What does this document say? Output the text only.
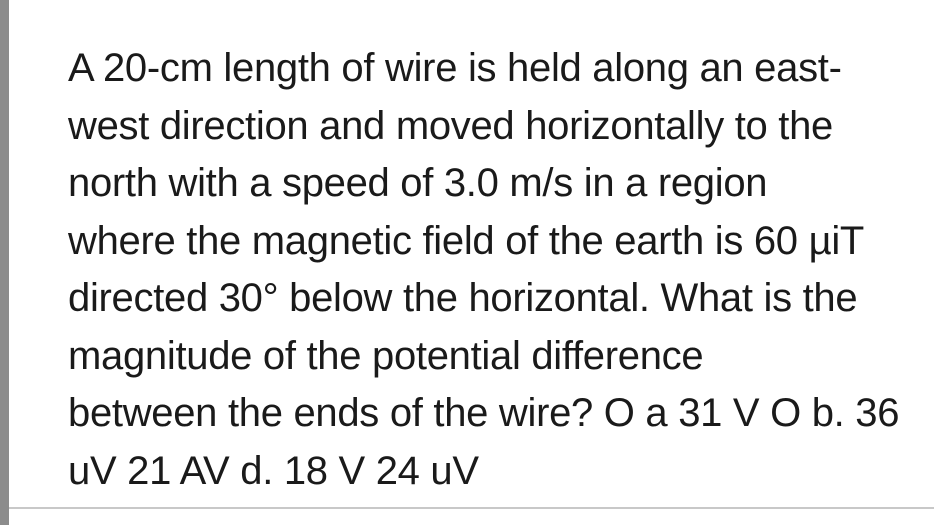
A 20-cm length of wire is held along an east-
west direction and moved horizontally to the
north with a speed of 3.0 m/s in a region
where the magnetic field of the earth is 60 µiT
directed 30° below the horizontal. What is the
magnitude of the potential difference
between the ends of the wire? O a 31 V O b. 36
uV 21 AV d. 18 V 24 uV
